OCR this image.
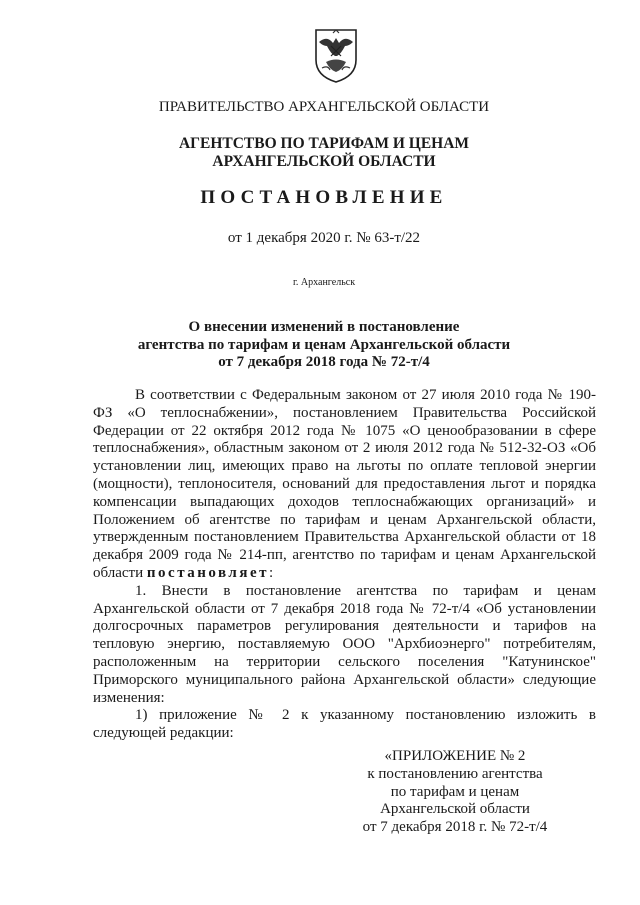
ПРАВИТЕЛЬСТВО АРХАНГЕЛЬСКОЙ ОБЛАСТИ
АГЕНТСТВО ПО ТАРИФАМ И ЦЕНАМ
АРХАНГЕЛЬСКОЙ ОБЛАСТИ
ПОСТАНОВЛЕНИЕ
от 1 декабря 2020 г. № 63-т/22
г. Архангельск
О внесении изменений в постановление
агентства по тарифам и ценам Архангельской области
от 7 декабря 2018 года № 72-т/4

В соответствии с Федеральным законом от 27 июля 2010 года № 190-ФЗ «О теплоснабжении», постановлением Правительства Российской Федерации от 22 октября 2012 года № 1075 «О ценообразовании в сфере теплоснабжения», областным законом от 2 июля 2012 года № 512-32-ОЗ «Об установлении лиц, имеющих право на льготы по оплате тепловой энергии (мощности), теплоносителя, оснований для предоставления льгот и порядка компенсации выпадающих доходов теплоснабжающих организаций» и Положением об агентстве по тарифам и ценам Архангельской области, утвержденным постановлением Правительства Архангельской области от 18 декабря 2009 года № 214-пп, агентство по тарифам и ценам Архангельской области постановляет:

1. Внести в постановление агентства по тарифам и ценам Архангельской области от 7 декабря 2018 года № 72-т/4 «Об установлении долгосрочных параметров регулирования деятельности и тарифов на тепловую энергию, поставляемую ООО "Архбиоэнерго" потребителям, расположенным на территории сельского поселения "Катунинское" Приморского муниципального района Архангельской области» следующие изменения:

1) приложение № 2 к указанному постановлению изложить в следующей редакции:

«ПРИЛОЖЕНИЕ № 2
к постановлению агентства
по тарифам и ценам
Архангельской области
от 7 декабря 2018 г. № 72-т/4
